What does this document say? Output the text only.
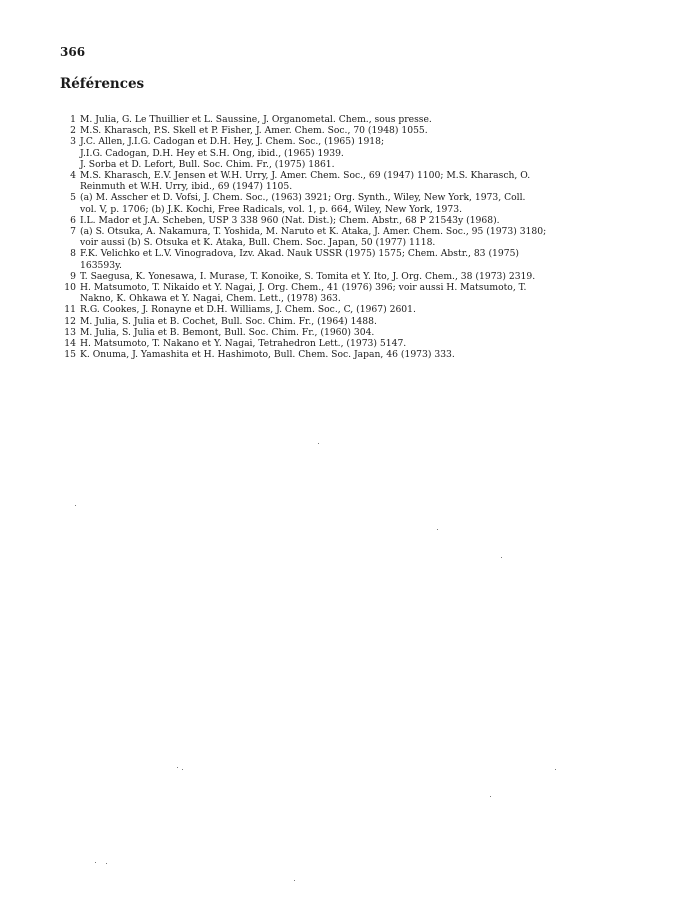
366
Références
1 M. Julia, G. Le Thuillier et L. Saussine, J. Organometal. Chem., sous presse.
2 M.S. Kharasch, P.S. Skell et P. Fisher, J. Amer. Chem. Soc., 70 (1948) 1055.
3 J.C. Allen, J.I.G. Cadogan et D.H. Hey, J. Chem. Soc., (1965) 1918;
J.I.G. Cadogan, D.H. Hey et S.H. Ong, ibid., (1965) 1939.
J. Sorba et D. Lefort, Bull. Soc. Chim. Fr., (1975) 1861.
4 M.S. Kharasch, E.V. Jensen et W.H. Urry, J. Amer. Chem. Soc., 69 (1947) 1100; M.S. Kharasch, O.
Reinmuth et W.H. Urry, ibid., 69 (1947) 1105.
5 (a) M. Asscher et D. Vofsi, J. Chem. Soc., (1963) 3921; Org. Synth., Wiley, New York, 1973, Coll.
vol. V, p. 1706; (b) J.K. Kochi, Free Radicals, vol. 1, p. 664, Wiley, New York, 1973.
6 I.L. Mador et J.A. Scheben, USP 3 338 960 (Nat. Dist.); Chem. Abstr., 68 P 21543y (1968).
7 (a) S. Otsuka, A. Nakamura, T. Yoshida, M. Naruto et K. Ataka, J. Amer. Chem. Soc., 95 (1973) 3180;
voir aussi (b) S. Otsuka et K. Ataka, Bull. Chem. Soc. Japan, 50 (1977) 1118.
8 F.K. Velichko et L.V. Vinogradova, Izv. Akad. Nauk USSR (1975) 1575; Chem. Abstr., 83 (1975)
163593y.
9 T. Saegusa, K. Yonesawa, I. Murase, T. Konoike, S. Tomita et Y. Ito, J. Org. Chem., 38 (1973) 2319.
10 H. Matsumoto, T. Nikaido et Y. Nagai, J. Org. Chem., 41 (1976) 396; voir aussi H. Matsumoto, T.
Nakno, K. Ohkawa et Y. Nagai, Chem. Lett., (1978) 363.
11 R.G. Cookes, J. Ronayne et D.H. Williams, J. Chem. Soc., C, (1967) 2601.
12 M. Julia, S. Julia et B. Cochet, Bull. Soc. Chim. Fr., (1964) 1488.
13 M. Julia, S. Julia et B. Bemont, Bull. Soc. Chim. Fr., (1960) 304.
14 H. Matsumoto, T. Nakano et Y. Nagai, Tetrahedron Lett., (1973) 5147.
15 K. Onuma, J. Yamashita et H. Hashimoto, Bull. Chem. Soc. Japan, 46 (1973) 333.
